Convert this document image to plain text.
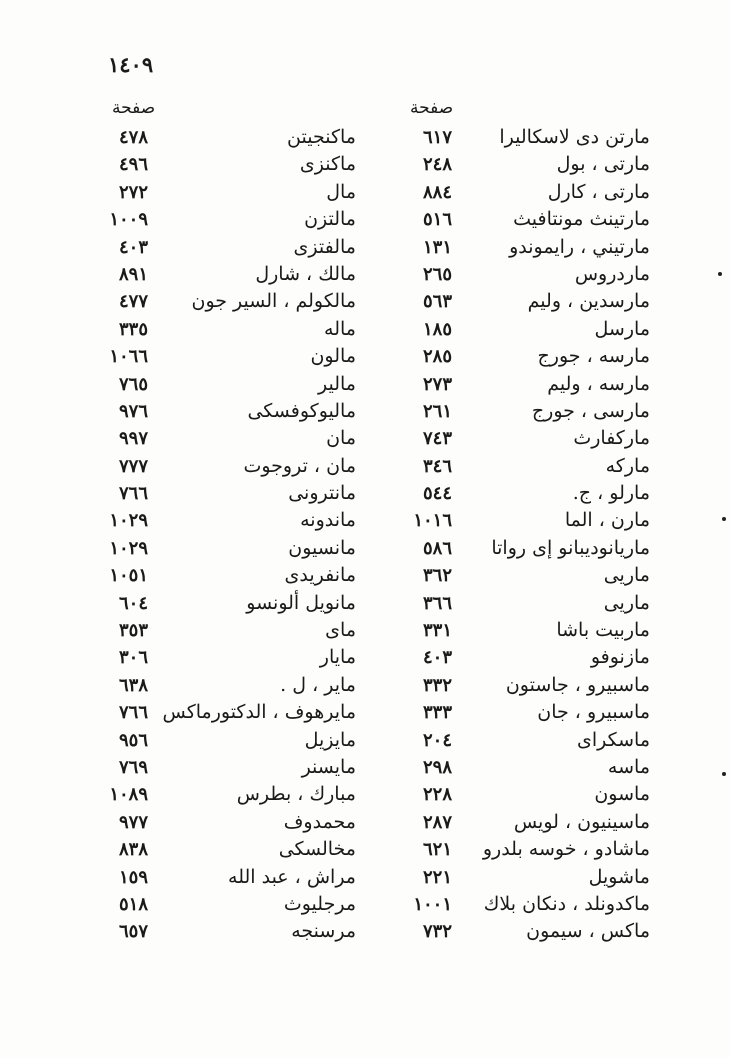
١٤٠٩
صفحة	صفحة
مارتن دى لاسكاليرا
٦١٧
ماكنجيتن
٤٧٨
مارتى ، بول
٢٤٨
ماكنزى
٤٩٦
مارتى ، كارل
٨٨٤
مال
٢٧٢
مارتينث مونتافيث
٥١٦
مالتزن
١٠٠٩
مارتيني ، رايموندو
١٣١
مالفتزى
٤٠٣
ماردروس
٢٦٥
مالك ، شارل
٨٩١
مارسدين ، وليم
٥٦٣
مالكولم ، السير جون
٤٧٧
مارسل
١٨٥
ماله
٣٣٥
مارسه ، جورج
٢٨٥
مالون
١٠٦٦
مارسه ، وليم
٢٧٣
مالير
٧٦٥
مارسى ، جورج
٢٦١
ماليوكوفسكى
٩٧٦
ماركفارث
٧٤٣
مان
٩٩٧
ماركه
٣٤٦
مان ، تروجوت
٧٧٧
مارلو ، ج.
٥٤٤
مانترونى
٧٦٦
مارن ، الما
١٠١٦
ماندونه
١٠٢٩
ماريانوديبانو إى رواتا
٥٨٦
مانسيون
١٠٢٩
ماريى
٣٦٢
مانفريدى
١٠٥١
ماريى
٣٦٦
مانويل ألونسو
٦٠٤
ماربيت باشا
٣٣١
ماى
٣٥٣
مازنوفو
٤٠٣
مايار
٣٠٦
ماسبيرو ، جاستون
٣٣٢
ماير ، ل .
٦٣٨
ماسبيرو ، جان
٣٣٣
مايرهوف ، الدكتورماكس
٧٦٦
ماسكراى
٢٠٤
مايزيل
٩٥٦
ماسه
٢٩٨
مايسنر
٧٦٩
ماسون
٢٢٨
مبارك ، بطرس
١٠٨٩
ماسينيون ، لويس
٢٨٧
محمدوف
٩٧٧
ماشادو ، خوسه بلدرو
٦٢١
مخالسكى
٨٣٨
ماشويل
٢٢١
مراش ، عبد الله
١٥٩
ماكدونلد ، دنكان بلاك
١٠٠١
مرجليوث
٥١٨
ماكس ، سيمون
٧٣٢
مرسنجه
٦٥٧
